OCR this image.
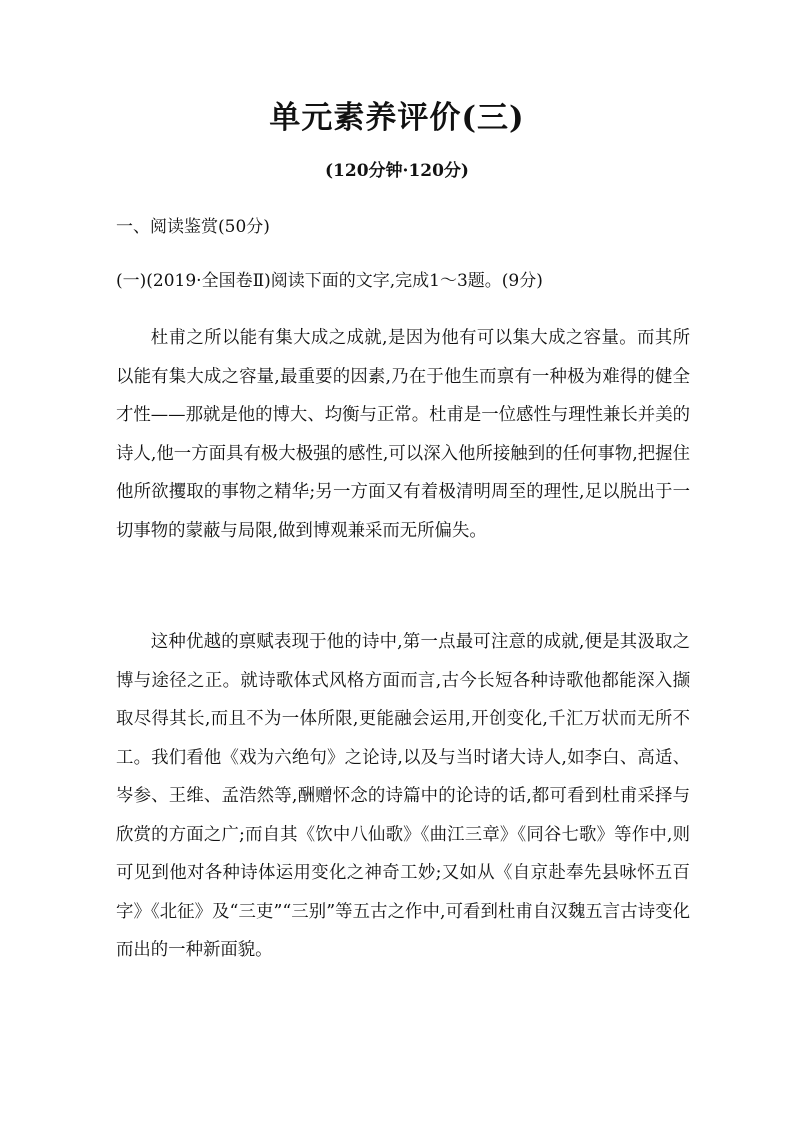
单元素养评价(三)
(120分钟·120分)
一、阅读鉴赏(50分)
(一)(2019·全国卷Ⅱ)阅读下面的文字,完成1～3题。(9分)

杜甫之所以能有集大成之成就,是因为他有可以集大成之容量。而其所以能有集大成之容量,最重要的因素,乃在于他生而禀有一种极为难得的健全才性——那就是他的博大、均衡与正常。杜甫是一位感性与理性兼长并美的诗人,他一方面具有极大极强的感性,可以深入他所接触到的任何事物,把握住他所欲攫取的事物之精华;另一方面又有着极清明周至的理性,足以脱出于一切事物的蒙蔽与局限,做到博观兼采而无所偏失。

这种优越的禀赋表现于他的诗中,第一点最可注意的成就,便是其汲取之博与途径之正。就诗歌体式风格方面而言,古今长短各种诗歌他都能深入撷取尽得其长,而且不为一体所限,更能融会运用,开创变化,千汇万状而无所不工。我们看他《戏为六绝句》之论诗,以及与当时诸大诗人,如李白、高适、岑参、王维、孟浩然等,酬赠怀念的诗篇中的论诗的话,都可看到杜甫采择与欣赏的方面之广;而自其《饮中八仙歌》《曲江三章》《同谷七歌》等作中,则可见到他对各种诗体运用变化之神奇工妙;又如从《自京赴奉先县咏怀五百字》《北征》及“三吏”“三别”等五古之作中,可看到杜甫自汉魏五言古诗变化而出的一种新面貌。
